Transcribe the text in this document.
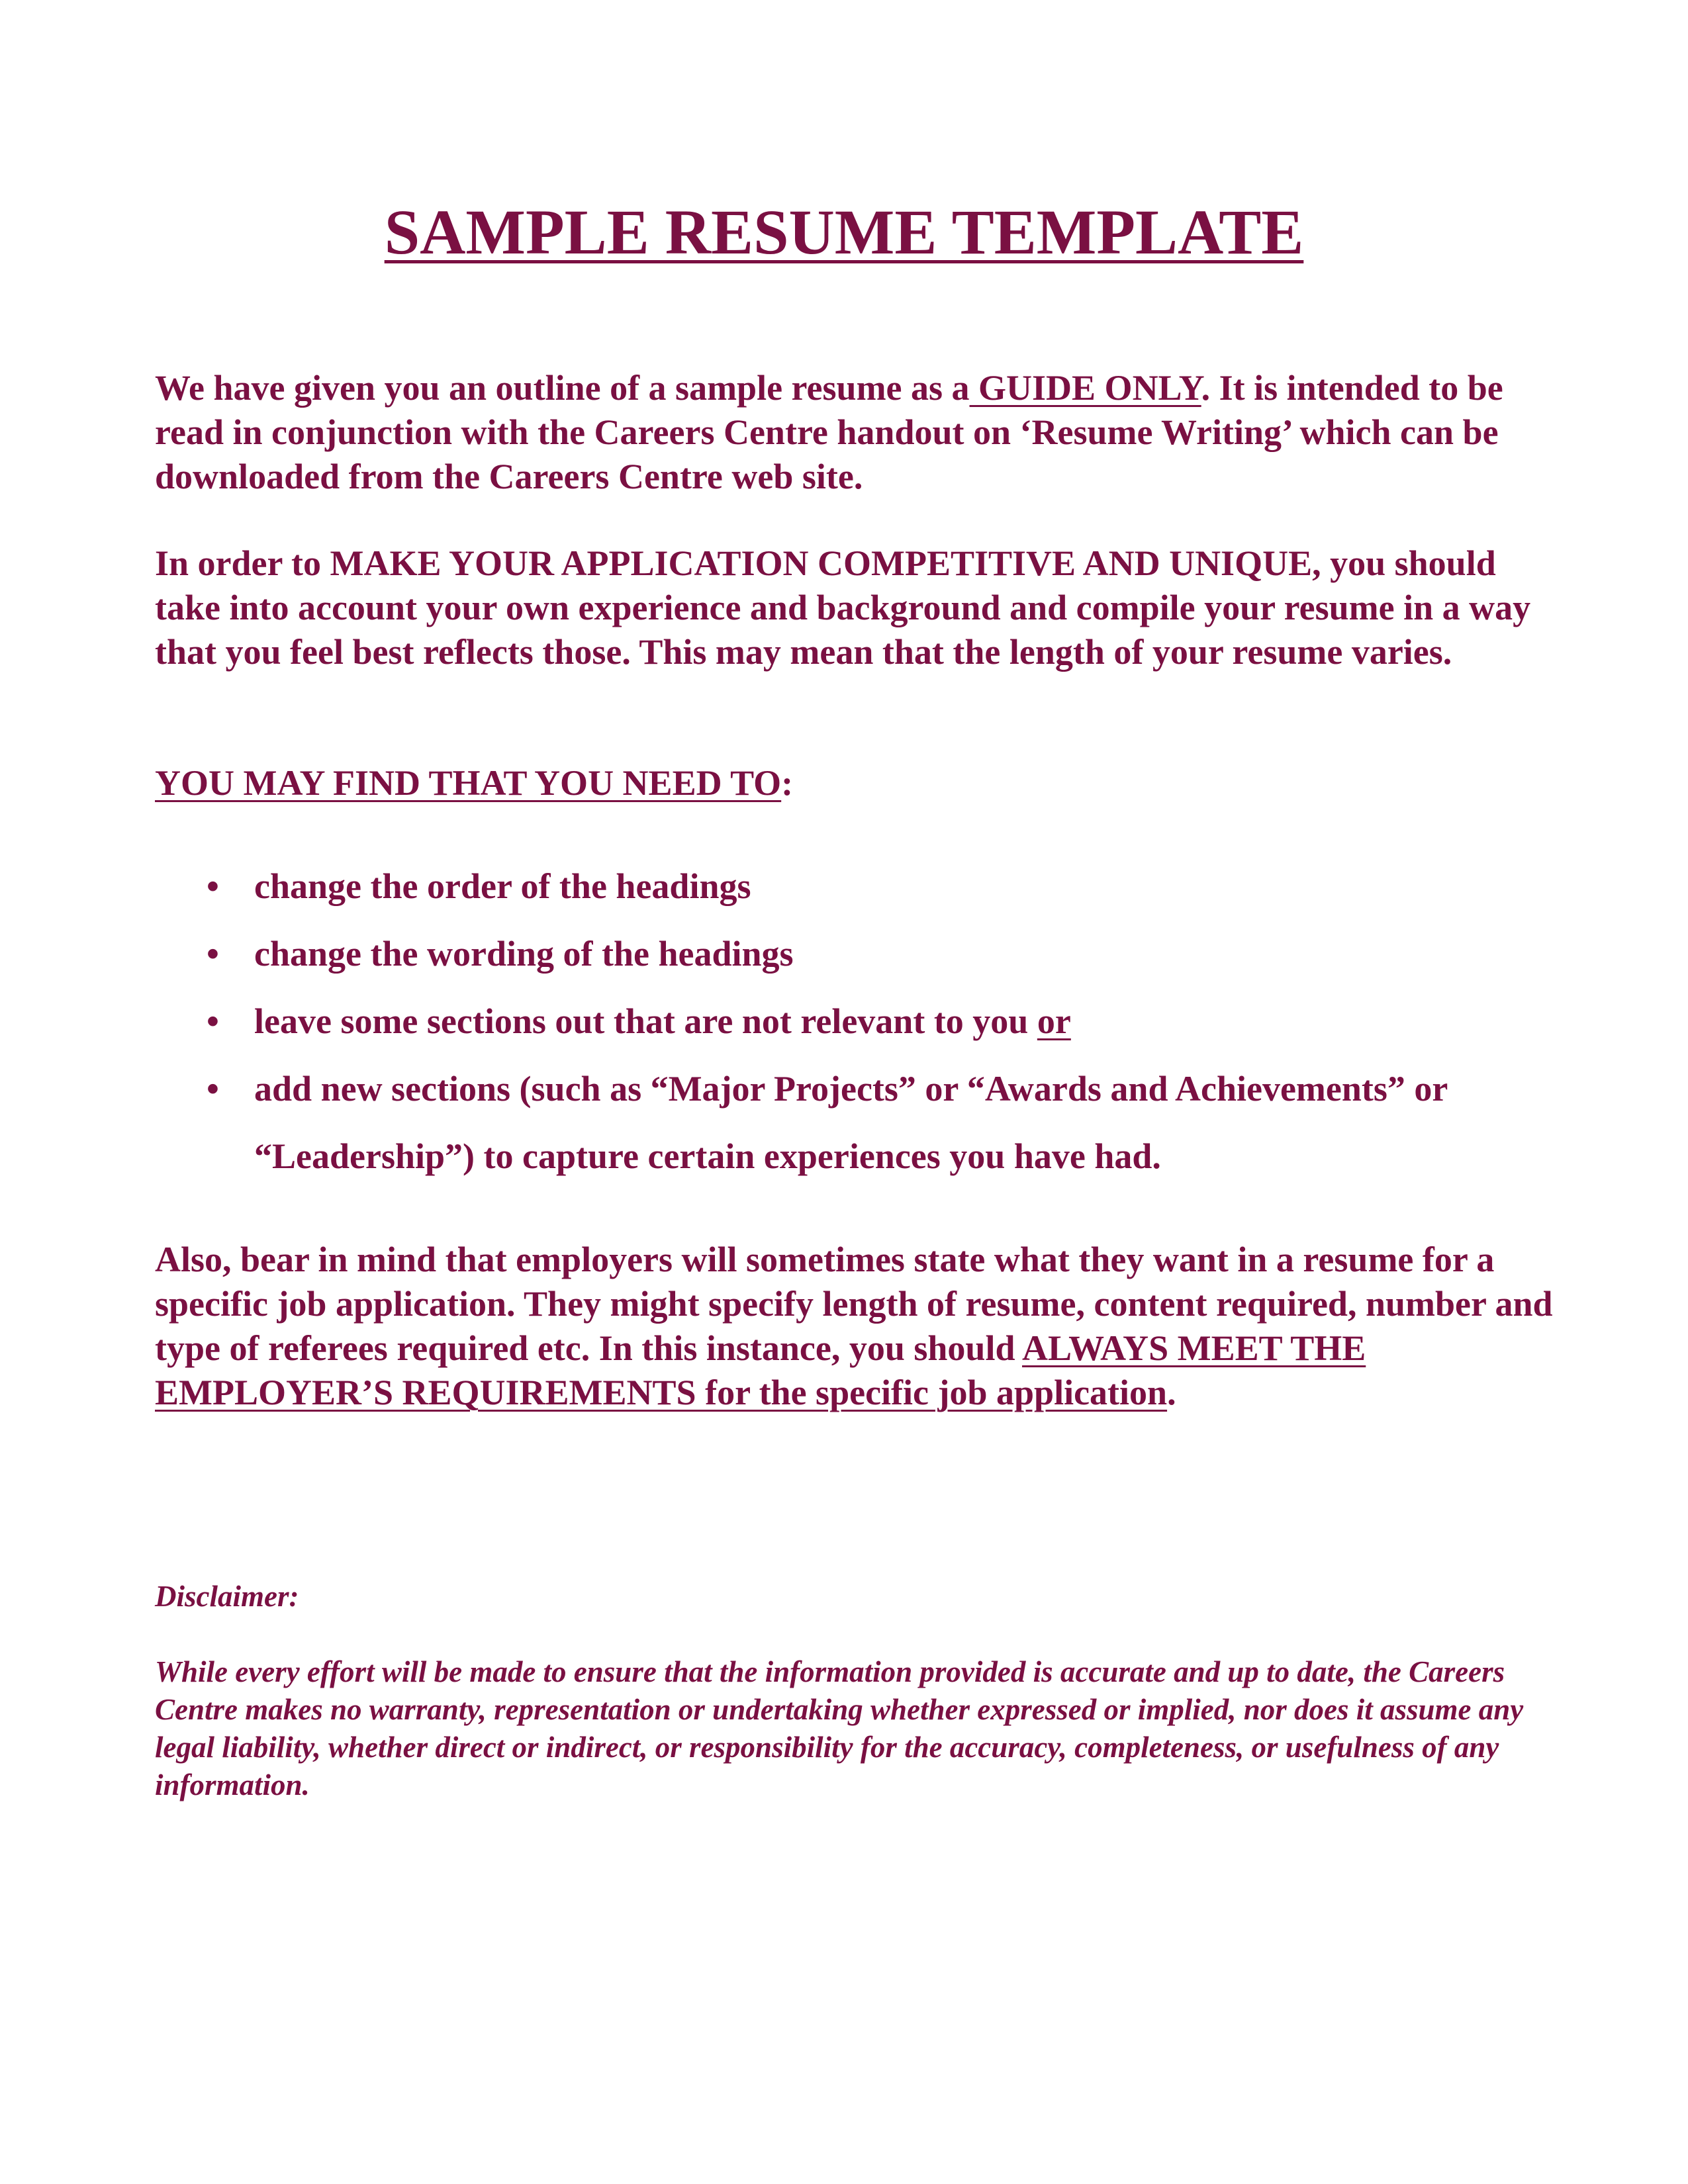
SAMPLE RESUME TEMPLATE

We have given you an outline of a sample resume as a GUIDE ONLY. It is intended to be read in conjunction with the Careers Centre handout on ‘Resume Writing’ which can be downloaded from the Careers Centre web site.

In order to MAKE YOUR APPLICATION COMPETITIVE AND UNIQUE, you should take into account your own experience and background and compile your resume in a way that you feel best reflects those. This may mean that the length of your resume varies.

YOU MAY FIND THAT YOU NEED TO:

• change the order of the headings
• change the wording of the headings
• leave some sections out that are not relevant to you or
• add new sections (such as “Major Projects” or “Awards and Achievements” or “Leadership”) to capture certain experiences you have had.

Also, bear in mind that employers will sometimes state what they want in a resume for a specific job application. They might specify length of resume, content required, number and type of referees required etc. In this instance, you should ALWAYS MEET THE EMPLOYER’S REQUIREMENTS for the specific job application.

Disclaimer:

While every effort will be made to ensure that the information provided is accurate and up to date, the Careers Centre makes no warranty, representation or undertaking whether expressed or implied, nor does it assume any legal liability, whether direct or indirect, or responsibility for the accuracy, completeness, or usefulness of any information.
